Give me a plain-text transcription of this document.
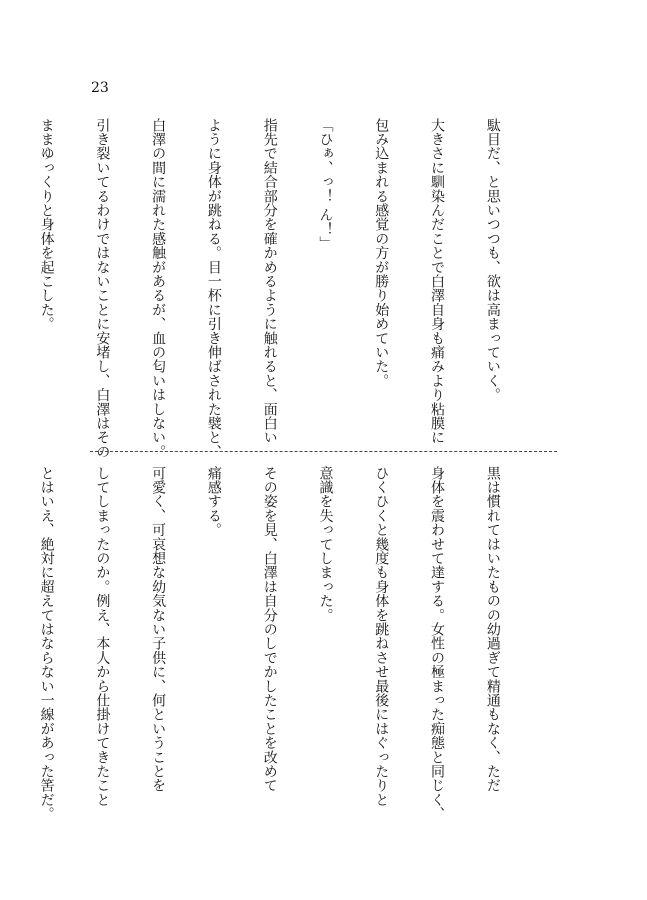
23

駄目だ、と思いつつも、欲は高まっていく。

大きさに馴染んだことで白澤自身も痛みより粘膜に

包み込まれる感覚の方が勝り始めていた。

「ひぁ、っ！ ん！」

指先で結合部分を確かめるように触れると、面白い

ように身体が跳ねる。目一杯に引き伸ばされた襞と、

白澤の間に濡れた感触があるが、血の匂いはしない。

引き裂いてるわけではないことに安堵し、白澤はその

ままゆっくりと身体を起こした。

黒は慣れてはいたものの幼過ぎて精通もなく、ただ

身体を震わせて達する。女性の極まった痴態と同じく、

ひくひくと幾度も身体を跳ねさせ最後にはぐったりと

意識を失ってしまった。

その姿を見、白澤は自分のしでかしたことを改めて

痛感する。

可愛く、可哀想な幼気ない子供に、何ということを

してしまったのか。例え、本人から仕掛けてきたこと

とはいえ、絶対に超えてはならない一線があった筈だ。
